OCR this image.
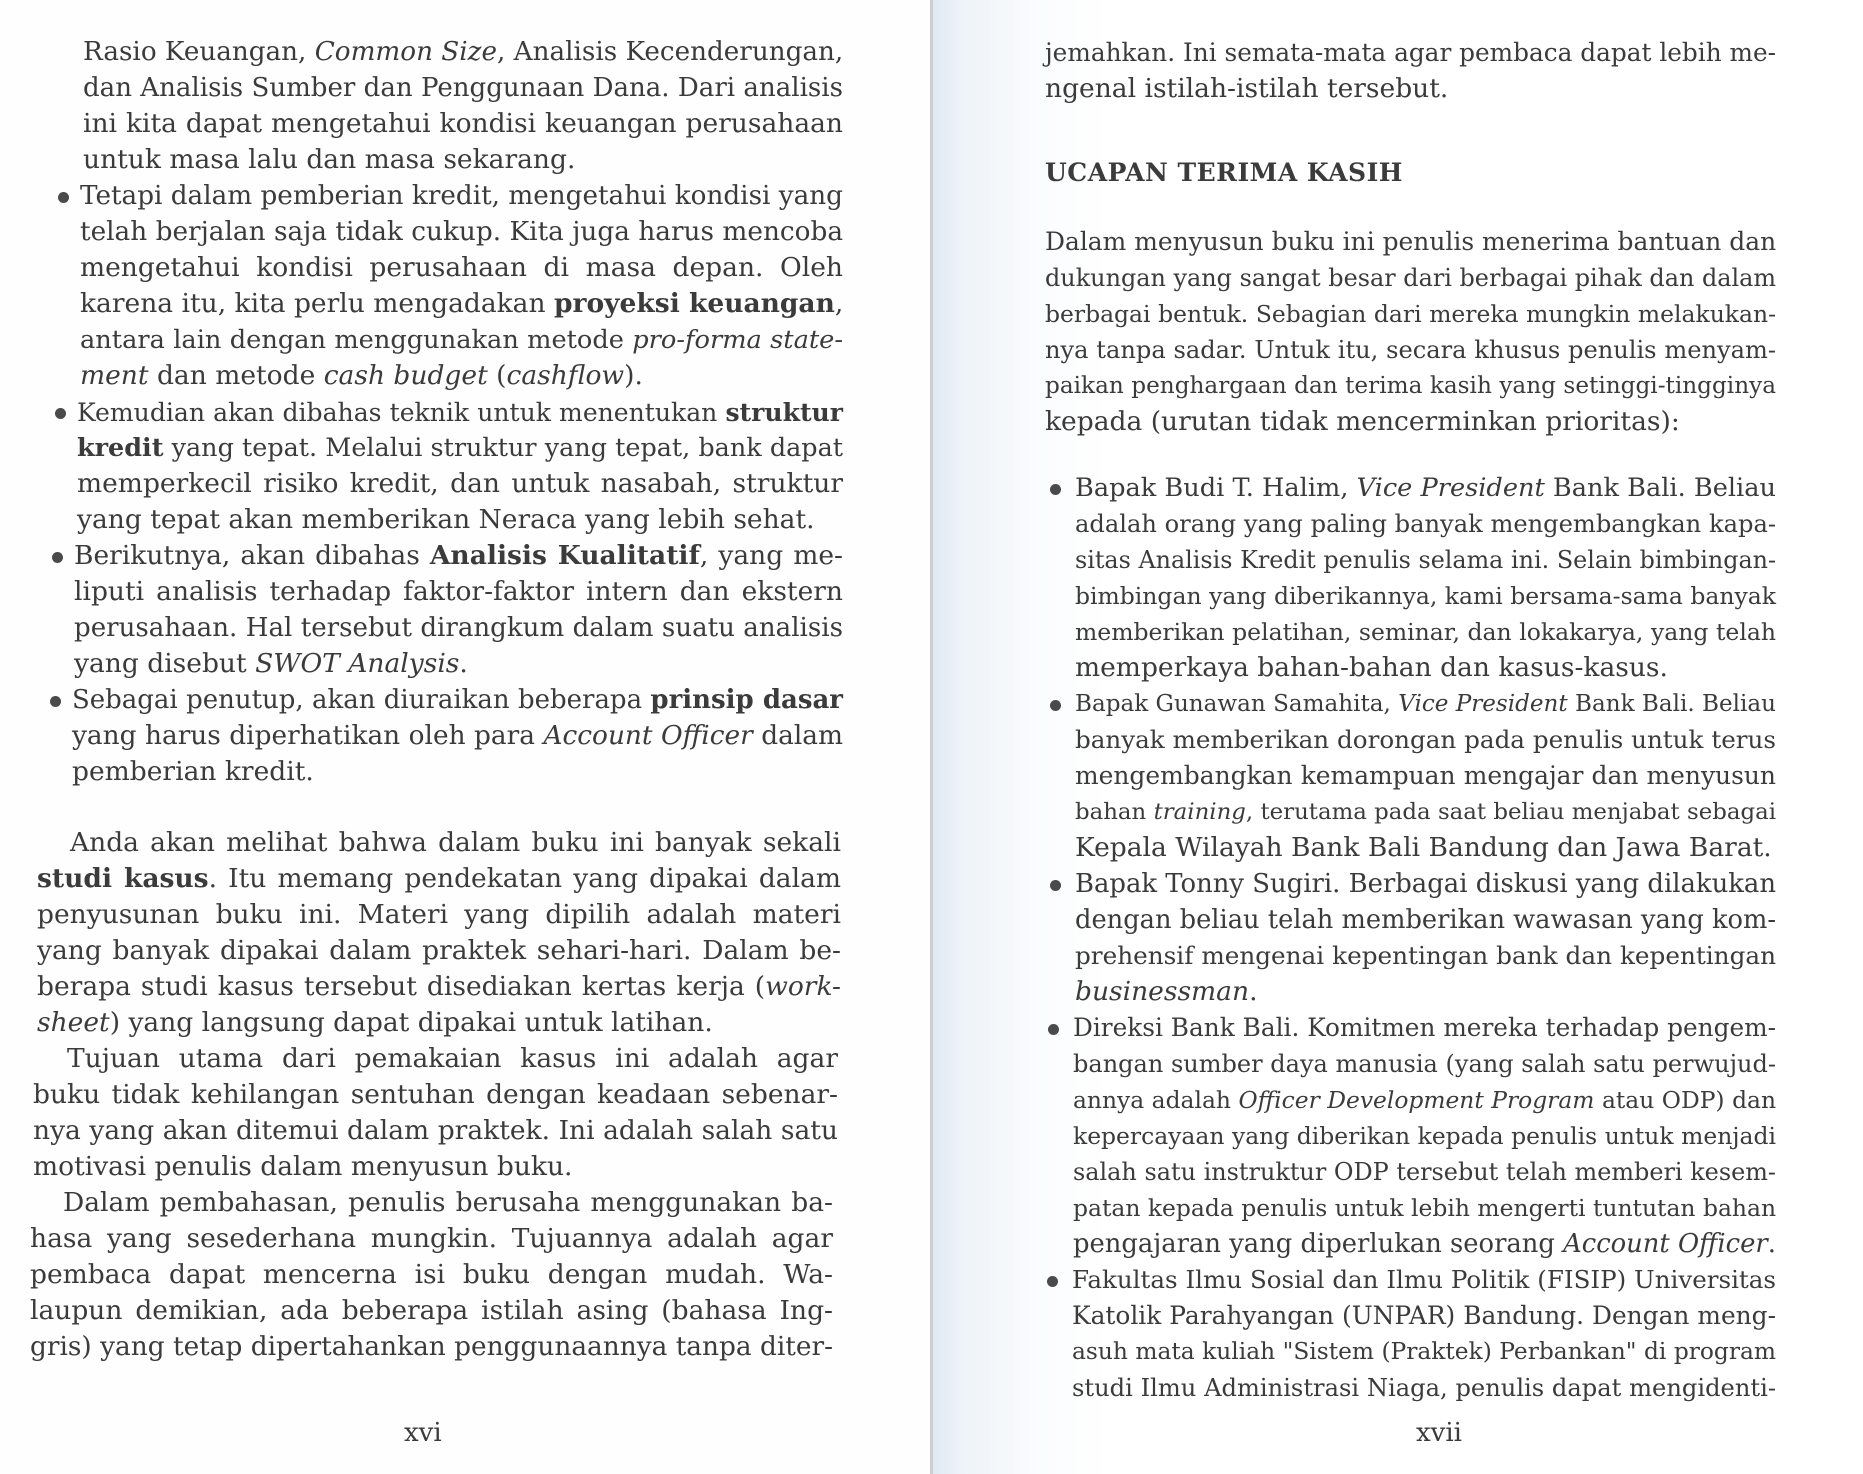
Rasio Keuangan, Common Size, Analisis Kecenderungan,
dan Analisis Sumber dan Penggunaan Dana. Dari analisis
ini kita dapat mengetahui kondisi keuangan perusahaan
untuk masa lalu dan masa sekarang.
Tetapi dalam pemberian kredit, mengetahui kondisi yang
telah berjalan saja tidak cukup. Kita juga harus mencoba
mengetahui kondisi perusahaan di masa depan. Oleh
karena itu, kita perlu mengadakan proyeksi keuangan,
antara lain dengan menggunakan metode pro-forma state-
ment dan metode cash budget (cashflow).
Kemudian akan dibahas teknik untuk menentukan struktur
kredit yang tepat. Melalui struktur yang tepat, bank dapat
memperkecil risiko kredit, dan untuk nasabah, struktur
yang tepat akan memberikan Neraca yang lebih sehat.
Berikutnya, akan dibahas Analisis Kualitatif, yang me-
liputi analisis terhadap faktor-faktor intern dan ekstern
perusahaan. Hal tersebut dirangkum dalam suatu analisis
yang disebut SWOT Analysis.
Sebagai penutup, akan diuraikan beberapa prinsip dasar
yang harus diperhatikan oleh para Account Officer dalam
pemberian kredit.
Anda akan melihat bahwa dalam buku ini banyak sekali
studi kasus. Itu memang pendekatan yang dipakai dalam
penyusunan buku ini. Materi yang dipilih adalah materi
yang banyak dipakai dalam praktek sehari-hari. Dalam be-
berapa studi kasus tersebut disediakan kertas kerja (work-
sheet) yang langsung dapat dipakai untuk latihan.
Tujuan utama dari pemakaian kasus ini adalah agar
buku tidak kehilangan sentuhan dengan keadaan sebenar-
nya yang akan ditemui dalam praktek. Ini adalah salah satu
motivasi penulis dalam menyusun buku.
Dalam pembahasan, penulis berusaha menggunakan ba-
hasa yang sesederhana mungkin. Tujuannya adalah agar
pembaca dapat mencerna isi buku dengan mudah. Wa-
laupun demikian, ada beberapa istilah asing (bahasa Ing-
gris) yang tetap dipertahankan penggunaannya tanpa diter-
xvi
jemahkan. Ini semata-mata agar pembaca dapat lebih me-
ngenal istilah-istilah tersebut.
Dalam menyusun buku ini penulis menerima bantuan dan
dukungan yang sangat besar dari berbagai pihak dan dalam
berbagai bentuk. Sebagian dari mereka mungkin melakukan-
nya tanpa sadar. Untuk itu, secara khusus penulis menyam-
paikan penghargaan dan terima kasih yang setinggi-tingginya
kepada (urutan tidak mencerminkan prioritas):
Bapak Budi T. Halim, Vice President Bank Bali. Beliau
adalah orang yang paling banyak mengembangkan kapa-
sitas Analisis Kredit penulis selama ini. Selain bimbingan-
bimbingan yang diberikannya, kami bersama-sama banyak
memberikan pelatihan, seminar, dan lokakarya, yang telah
memperkaya bahan-bahan dan kasus-kasus.
Bapak Gunawan Samahita, Vice President Bank Bali. Beliau
banyak memberikan dorongan pada penulis untuk terus
mengembangkan kemampuan mengajar dan menyusun
bahan training, terutama pada saat beliau menjabat sebagai
Kepala Wilayah Bank Bali Bandung dan Jawa Barat.
Bapak Tonny Sugiri. Berbagai diskusi yang dilakukan
dengan beliau telah memberikan wawasan yang kom-
prehensif mengenai kepentingan bank dan kepentingan
businessman.
Direksi Bank Bali. Komitmen mereka terhadap pengem-
bangan sumber daya manusia (yang salah satu perwujud-
annya adalah Officer Development Program atau ODP) dan
kepercayaan yang diberikan kepada penulis untuk menjadi
salah satu instruktur ODP tersebut telah memberi kesem-
patan kepada penulis untuk lebih mengerti tuntutan bahan
pengajaran yang diperlukan seorang Account Officer.
Fakultas Ilmu Sosial dan Ilmu Politik (FISIP) Universitas
Katolik Parahyangan (UNPAR) Bandung. Dengan meng-
asuh mata kuliah "Sistem (Praktek) Perbankan" di program
studi Ilmu Administrasi Niaga, penulis dapat mengidenti-
UCAPAN TERIMA KASIH
xvii
